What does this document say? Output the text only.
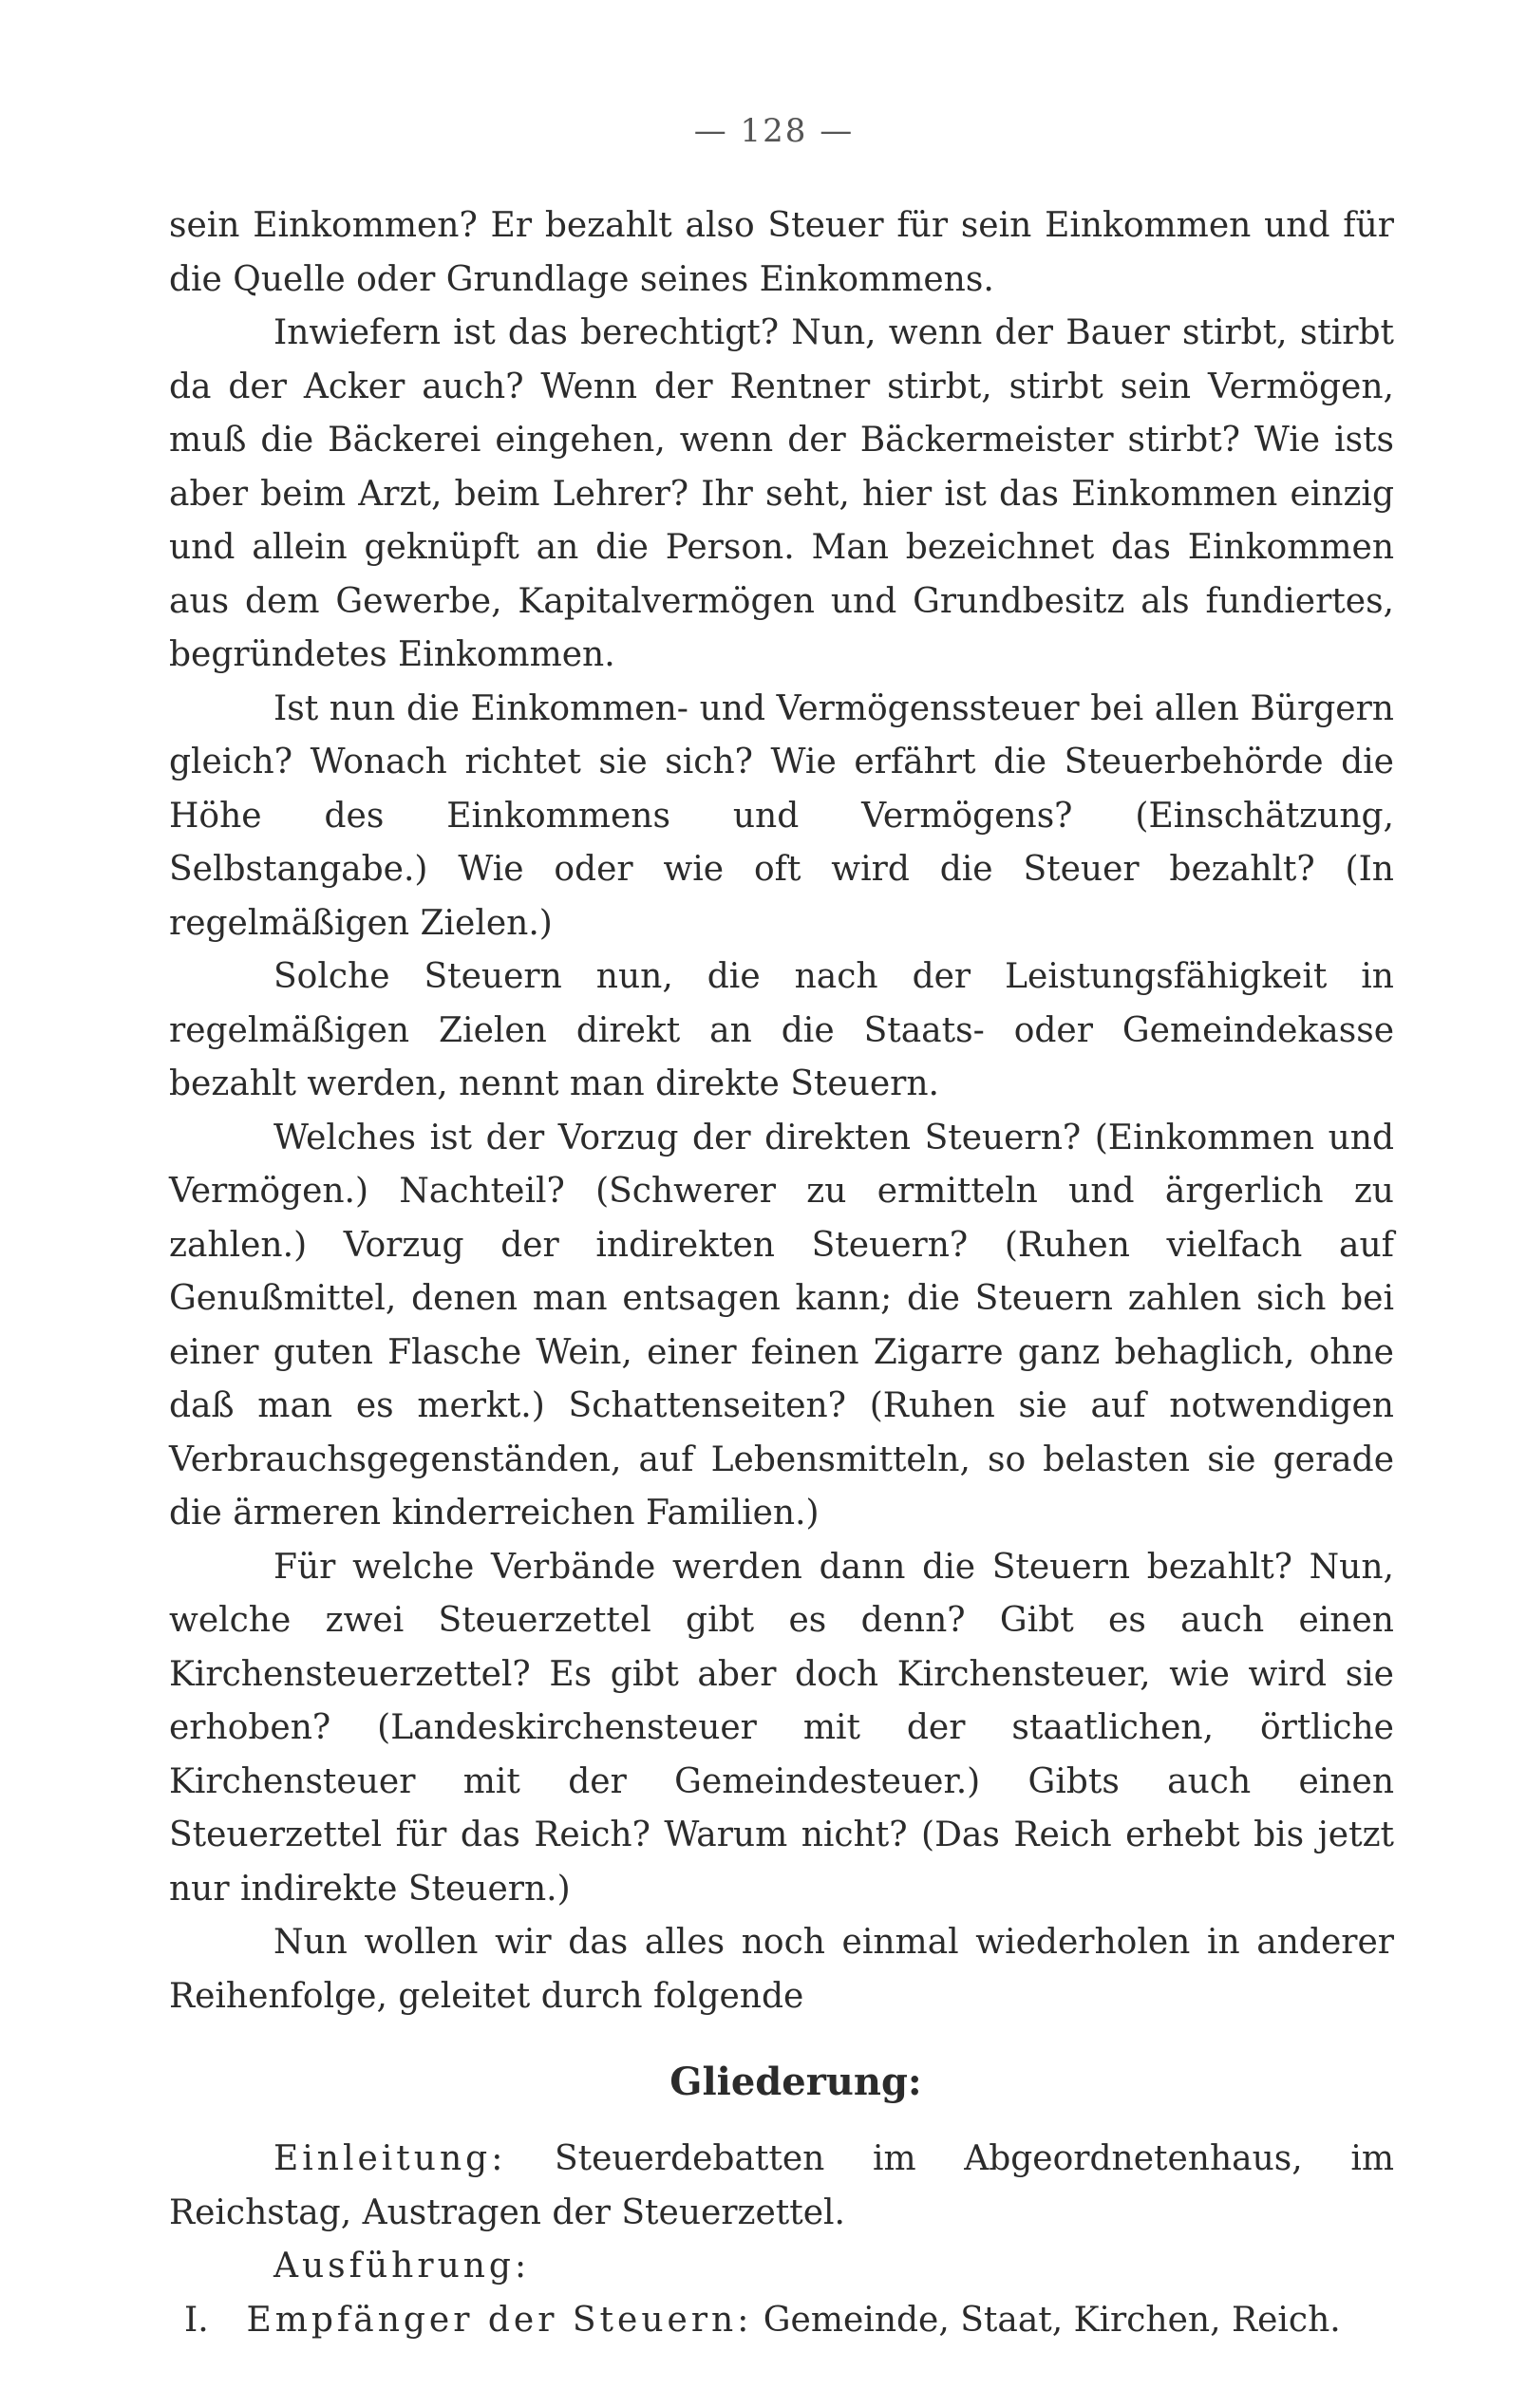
— 128 —

sein Einkommen? Er bezahlt also Steuer für sein Einkommen und für die Quelle oder Grundlage seines Einkommens.

Inwiefern ist das berechtigt? Nun, wenn der Bauer stirbt, stirbt da der Acker auch? Wenn der Rentner stirbt, stirbt sein Vermögen, muß die Bäckerei eingehen, wenn der Bäckermeister stirbt? Wie ists aber beim Arzt, beim Lehrer? Ihr seht, hier ist das Einkommen einzig und allein geknüpft an die Person. Man bezeichnet das Einkommen aus dem Gewerbe, Kapitalvermögen und Grundbesitz als fundiertes, begründetes Einkommen.

Ist nun die Einkommen- und Vermögenssteuer bei allen Bürgern gleich? Wonach richtet sie sich? Wie erfährt die Steuerbehörde die Höhe des Einkommens und Vermögens? (Einschätzung, Selbstangabe.) Wie oder wie oft wird die Steuer bezahlt? (In regelmäßigen Zielen.)

Solche Steuern nun, die nach der Leistungsfähigkeit in regelmäßigen Zielen direkt an die Staats- oder Gemeindekasse bezahlt werden, nennt man direkte Steuern.

Welches ist der Vorzug der direkten Steuern? (Einkommen und Vermögen.) Nachteil? (Schwerer zu ermitteln und ärgerlich zu zahlen.) Vorzug der indirekten Steuern? (Ruhen vielfach auf Genußmittel, denen man entsagen kann; die Steuern zahlen sich bei einer guten Flasche Wein, einer feinen Zigarre ganz behaglich, ohne daß man es merkt.) Schattenseiten? (Ruhen sie auf notwendigen Verbrauchsgegenständen, auf Lebensmitteln, so belasten sie gerade die ärmeren kinderreichen Familien.)

Für welche Verbände werden dann die Steuern bezahlt? Nun, welche zwei Steuerzettel gibt es denn? Gibt es auch einen Kirchensteuerzettel? Es gibt aber doch Kirchensteuer, wie wird sie erhoben? (Landeskirchensteuer mit der staatlichen, örtliche Kirchensteuer mit der Gemeindesteuer.) Gibts auch einen Steuerzettel für das Reich? Warum nicht? (Das Reich erhebt bis jetzt nur indirekte Steuern.)

Nun wollen wir das alles noch einmal wiederholen in anderer Reihenfolge, geleitet durch folgende

Gliederung:

Einleitung: Steuerdebatten im Abgeordnetenhaus, im Reichstag, Austragen der Steuerzettel.

Ausführung:

I. Empfänger der Steuern: Gemeinde, Staat, Kirchen, Reich.
